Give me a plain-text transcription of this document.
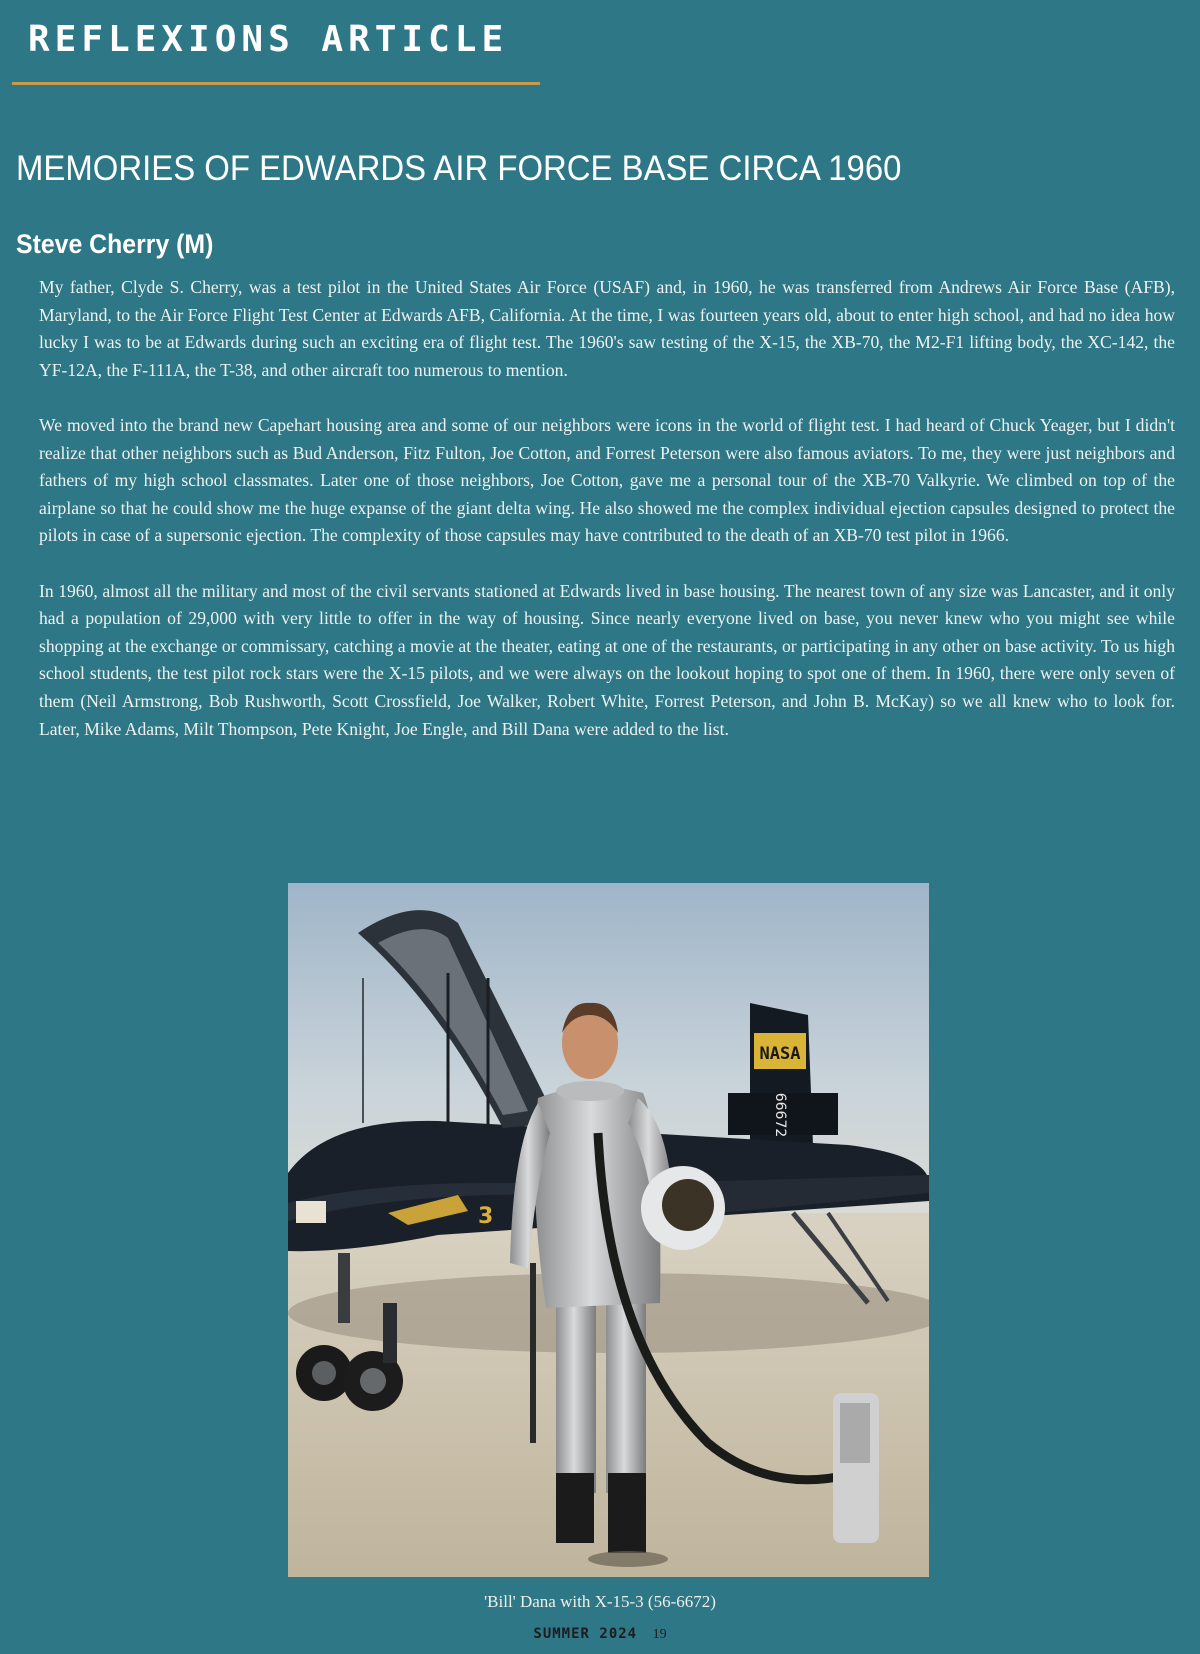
REFLEXIONS ARTICLE
MEMORIES OF EDWARDS AIR FORCE BASE CIRCA 1960
Steve Cherry (M)

My father, Clyde S. Cherry, was a test pilot in the United States Air Force (USAF) and, in 1960, he was transferred from Andrews Air Force Base (AFB), Maryland, to the Air Force Flight Test Center at Edwards AFB, California. At the time, I was fourteen years old, about to enter high school, and had no idea how lucky I was to be at Edwards during such an exciting era of flight test. The 1960's saw testing of the X-15, the XB-70, the M2-F1 lifting body, the XC-142, the YF-12A, the F-111A, the T-38, and other aircraft too numerous to mention.

We moved into the brand new Capehart housing area and some of our neighbors were icons in the world of flight test. I had heard of Chuck Yeager, but I didn't realize that other neighbors such as Bud Anderson, Fitz Fulton, Joe Cotton, and Forrest Peterson were also famous aviators. To me, they were just neighbors and fathers of my high school classmates. Later one of those neighbors, Joe Cotton, gave me a personal tour of the XB-70 Valkyrie. We climbed on top of the airplane so that he could show me the huge expanse of the giant delta wing. He also showed me the complex individual ejection capsules designed to protect the pilots in case of a supersonic ejection. The complexity of those capsules may have contributed to the death of an XB-70 test pilot in 1966.

In 1960, almost all the military and most of the civil servants stationed at Edwards lived in base housing. The nearest town of any size was Lancaster, and it only had a population of 29,000 with very little to offer in the way of housing. Since nearly everyone lived on base, you never knew who you might see while shopping at the exchange or commissary, catching a movie at the theater, eating at one of the restaurants, or participating in any other on base activity. To us high school students, the test pilot rock stars were the X-15 pilots, and we were always on the lookout hoping to spot one of them. In 1960, there were only seven of them (Neil Armstrong, Bob Rushworth, Scott Crossfield, Joe Walker, Robert White, Forrest Peterson, and John B. McKay) so we all knew who to look for. Later, Mike Adams, Milt Thompson, Pete Knight, Joe Engle, and Bill Dana were added to the list.

NASA
66672
3
'Bill' Dana with X-15-3 (56-6672)
SUMMER 2024 19
